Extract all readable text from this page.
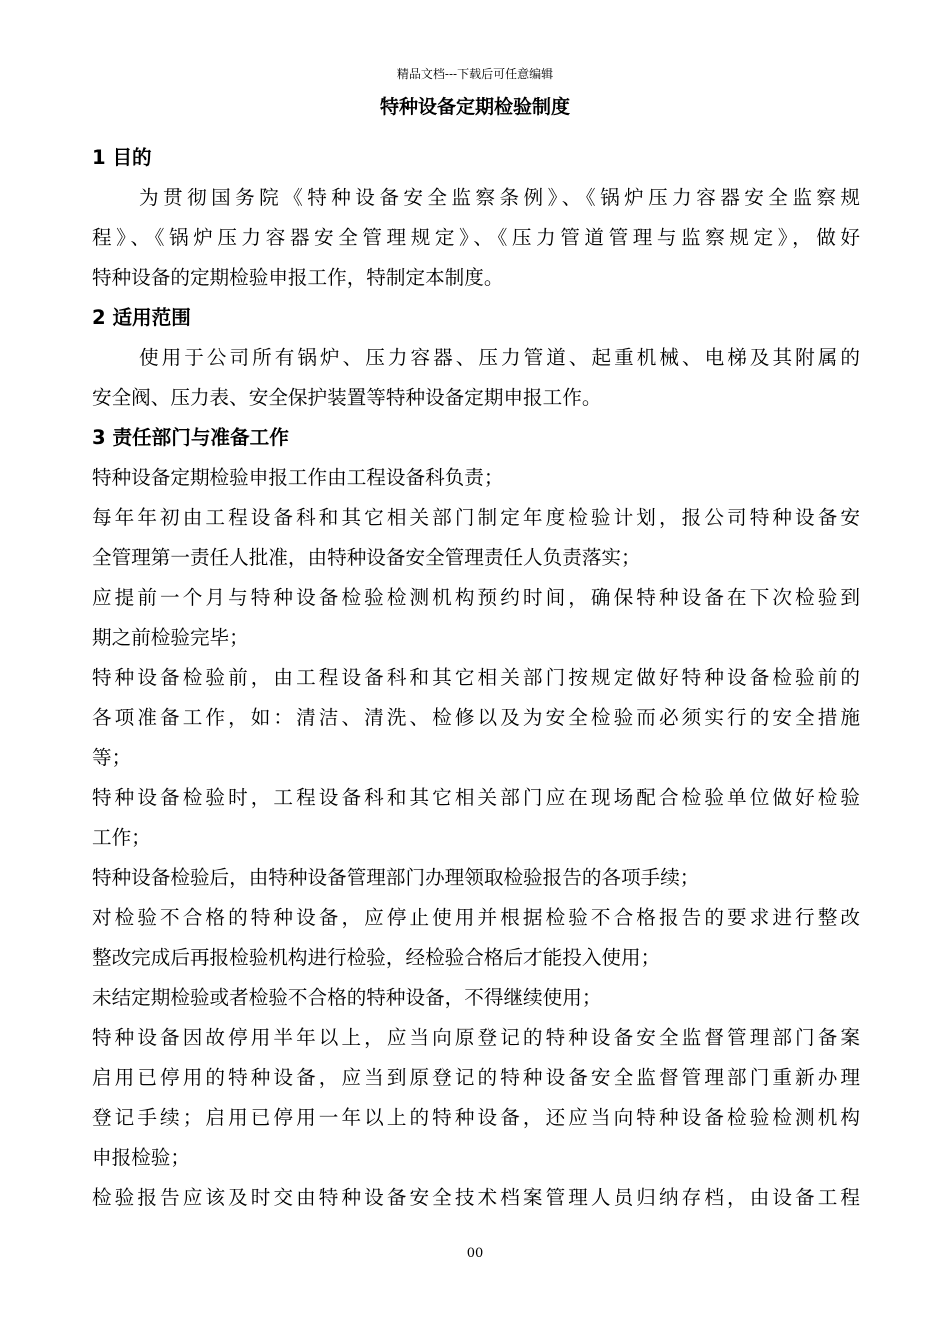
精品文档---下载后可任意编辑
特种设备定期检验制度
1 目的
为贯彻国务院《特种设备安全监察条例》、《锅炉压力容器安全监察规
程》、《锅炉压力容器安全管理规定》、《压力管道管理与监察规定》，做好
特种设备的定期检验申报工作，特制定本制度。
2 适用范围
使用于公司所有锅炉、压力容器、压力管道、起重机械、电梯及其附属的
安全阀、压力表、安全保护装置等特种设备定期申报工作。
3 责任部门与准备工作
特种设备定期检验申报工作由工程设备科负责；
每年年初由工程设备科和其它相关部门制定年度检验计划，报公司特种设备安
全管理第一责任人批准，由特种设备安全管理责任人负责落实；
应提前一个月与特种设备检验检测机构预约时间，确保特种设备在下次检验到
期之前检验完毕；
特种设备检验前，由工程设备科和其它相关部门按规定做好特种设备检验前的
各项准备工作，如：清洁、清洗、检修以及为安全检验而必须实行的安全措施
等；
特种设备检验时，工程设备科和其它相关部门应在现场配合检验单位做好检验
工作；
特种设备检验后，由特种设备管理部门办理领取检验报告的各项手续；
对检验不合格的特种设备，应停止使用并根据检验不合格报告的要求进行整改
整改完成后再报检验机构进行检验，经检验合格后才能投入使用；
未结定期检验或者检验不合格的特种设备，不得继续使用；
特种设备因故停用半年以上，应当向原登记的特种设备安全监督管理部门备案
启用已停用的特种设备，应当到原登记的特种设备安全监督管理部门重新办理
登记手续；启用已停用一年以上的特种设备，还应当向特种设备检验检测机构
申报检验；
检验报告应该及时交由特种设备安全技术档案管理人员归纳存档，由设备工程
00
